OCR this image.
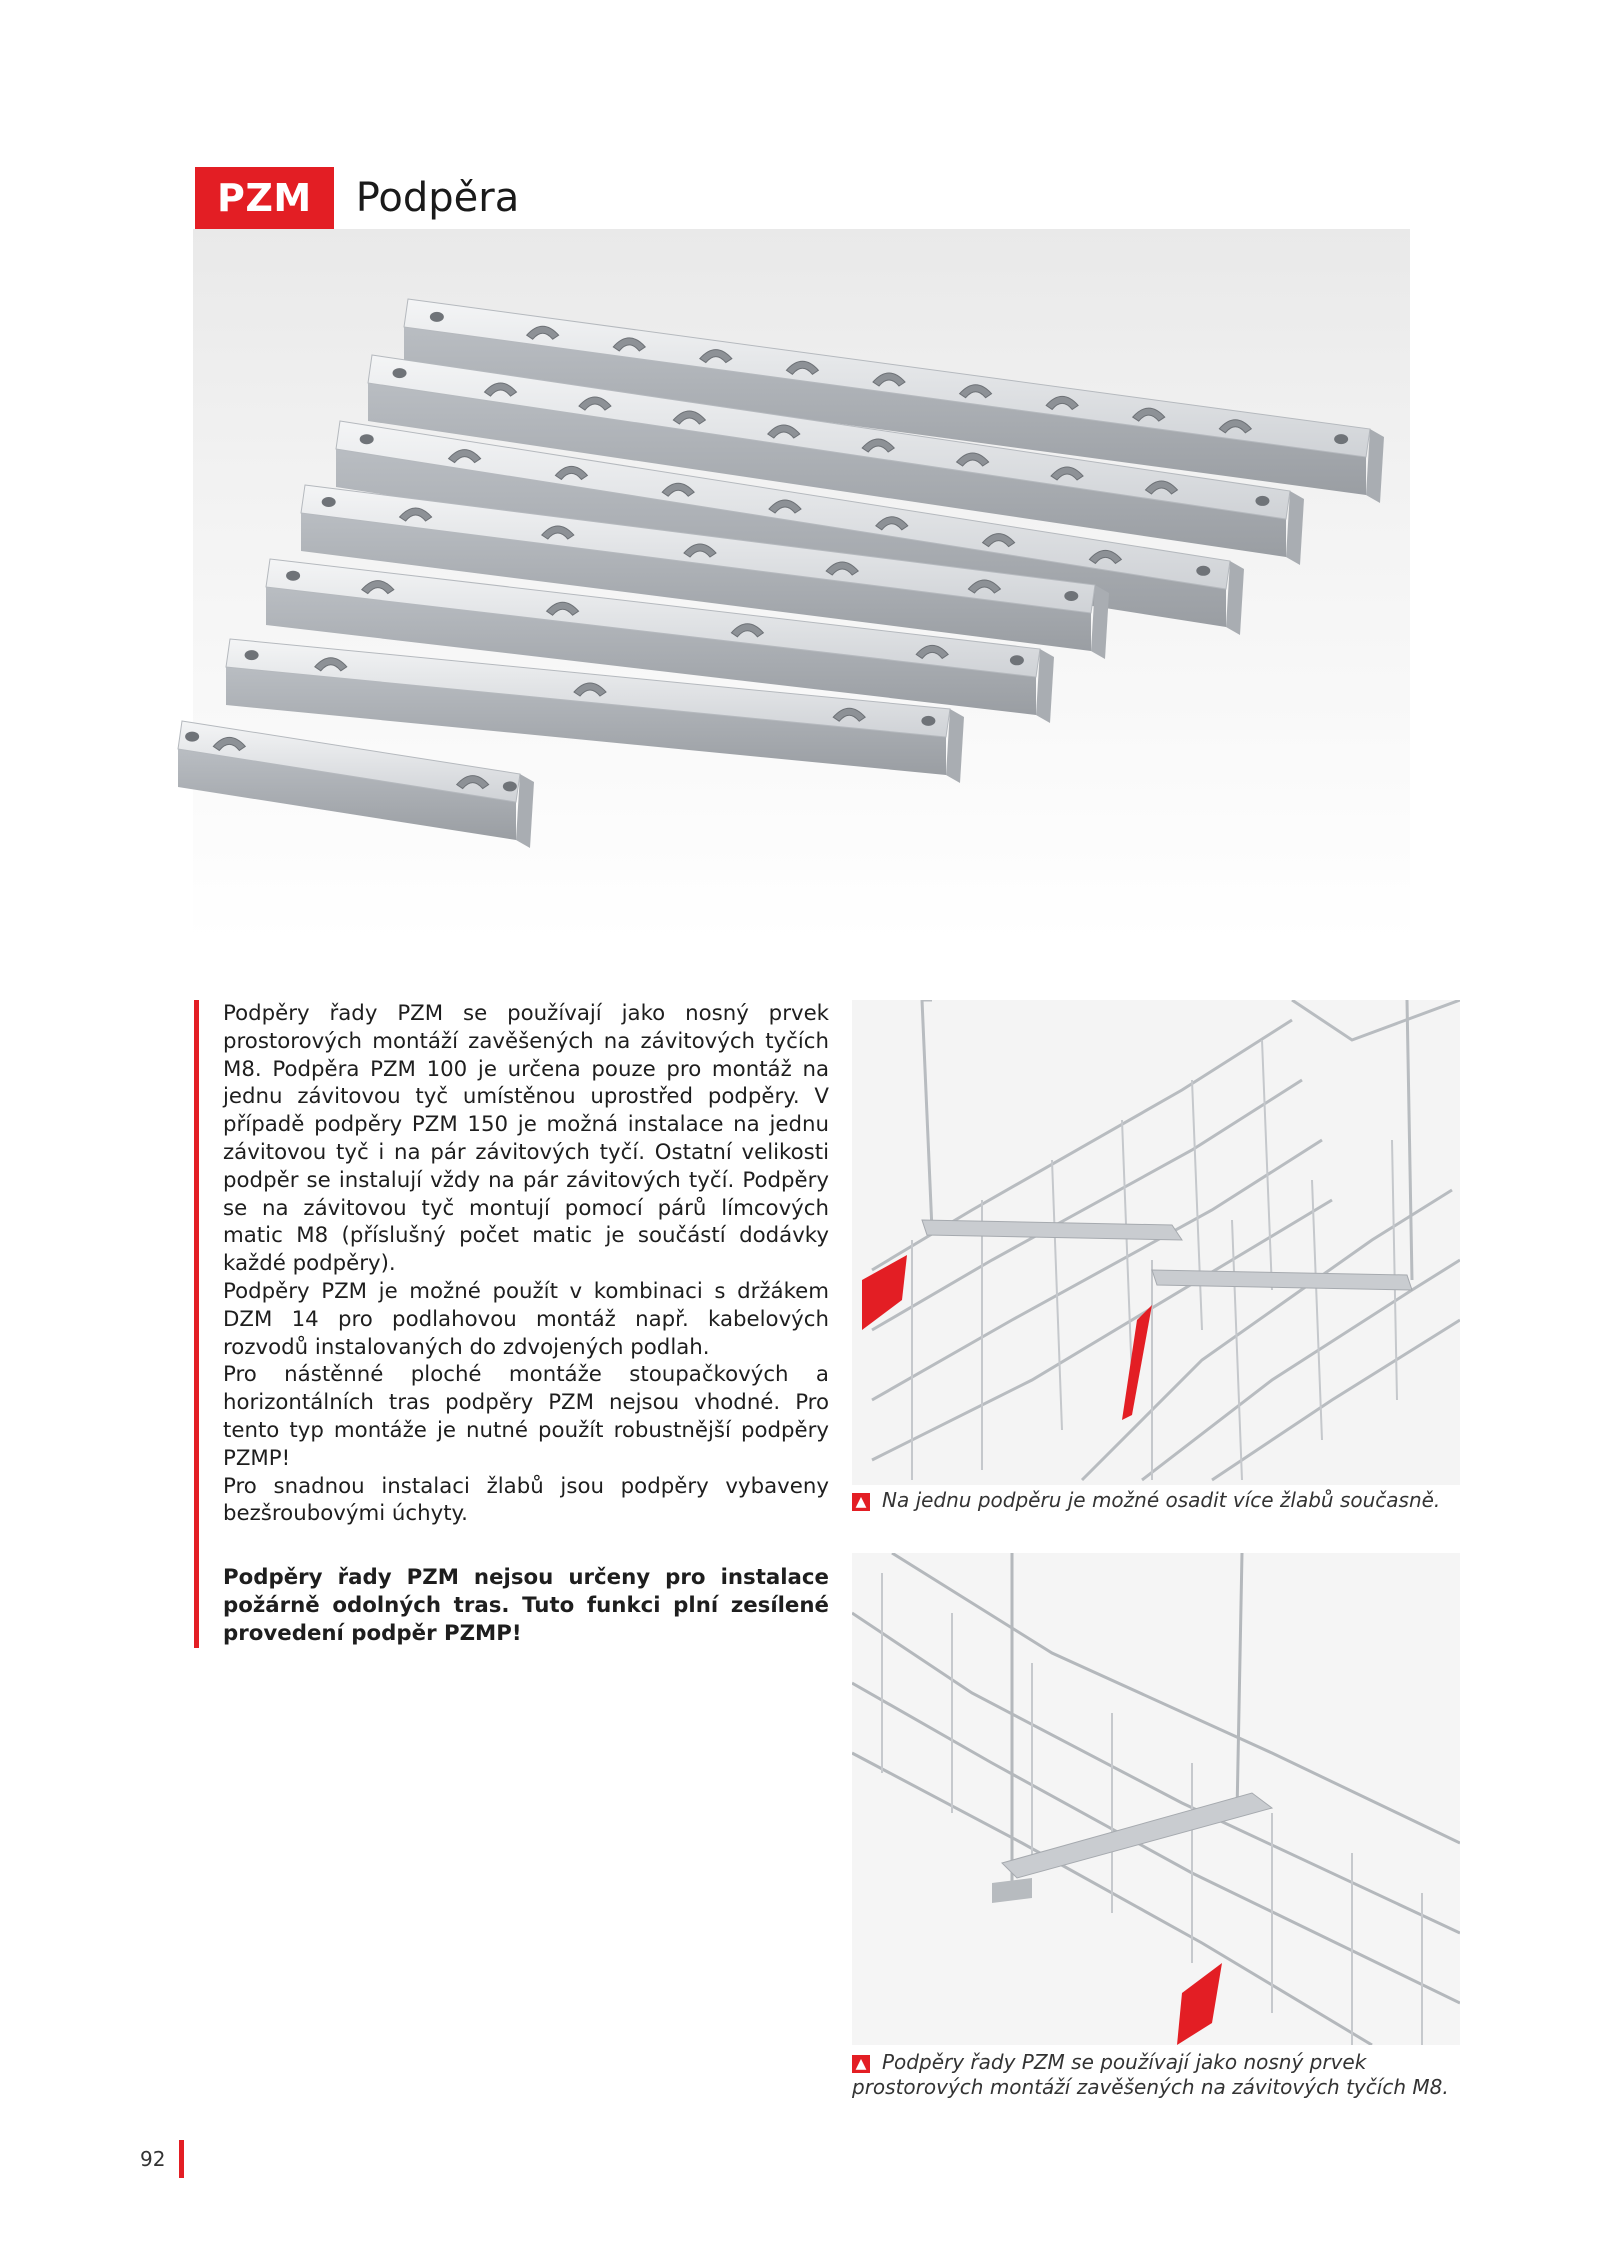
PZM	Podpěra

Podpěry řady PZM se používají jako nosný prvek prostorových montáží zavěšených na závitových tyčích M8. Podpěra PZM 100 je určena pouze pro montáž na jednu závitovou tyč umístěnou uprostřed podpěry. V případě podpěry PZM 150 je možná instalace na jednu závitovou tyč i na pár závitových tyčí. Ostatní velikosti podpěr se instalují vždy na pár závitových tyčí. Podpěry se na závitovou tyč montují pomocí párů límcových matic M8 (příslušný počet matic je součástí dodávky každé podpěry).

Podpěry PZM je možné použít v kombinaci s držákem DZM 14 pro podlahovou montáž např. kabelových rozvodů instalovaných do zdvojených podlah.

Pro nástěnné ploché montáže stoupačkových a horizontálních tras podpěry PZM nejsou vhodné. Pro tento typ montáže je nutné použít robustnější podpěry PZMP!

Pro snadnou instalaci žlabů jsou podpěry vybaveny bezšroubovými úchyty.

Podpěry řady PZM nejsou určeny pro instalace požárně odolných tras. Tuto funkci plní zesílené provedení podpěr PZMP!

▲ Na jednu podpěru je možné osadit více žlabů současně.
▲ Podpěry řady PZM se používají jako nosný prvek prostorových montáží zavěšených na závitových tyčích M8.
92
